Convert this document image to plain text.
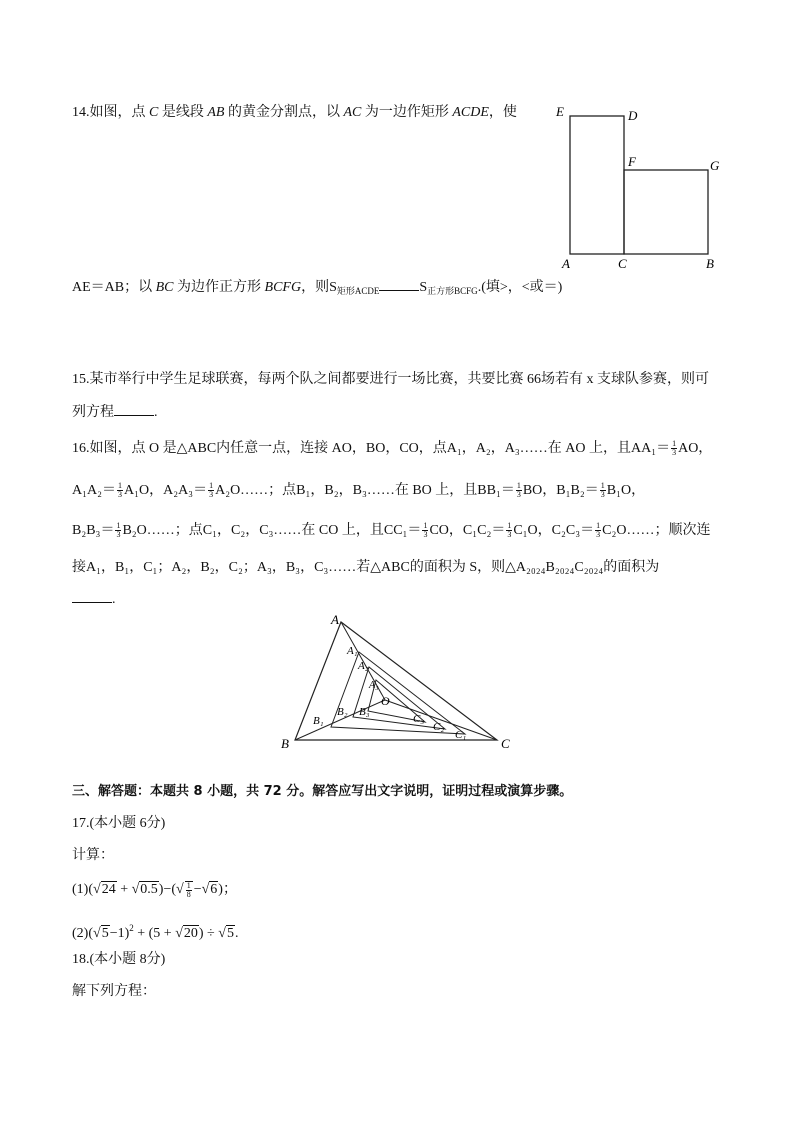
14.如图，点 C 是线段 AB 的黄金分割点，以 AC 为一边作矩形 ACDE，使	E	D
F	G
A	C	B
AE＝AB；以 BC 为边作正方形 BCFG，则$S_{矩形ACDE}$	$S_{正方形BCFG}$.(填>，<或＝)
15.某市举行中学生足球联赛，每两个队之间都要进行一场比赛，共要比赛 66场若有 x 支球队参赛，则可
列方程	.
16.如图，点 O 是△ABC内任意一点，连接 AO，BO，CO，点A₁，A₂，A₃……在 AO 上，且$AA_1= \frac{1}{3}$ AO，
$A_1A_2= \frac{1}{3} A_1O$，$A_2A_3= \frac{1}{3}$ A₂O……；点B₁，B₂，B₃……在 BO 上，且$BB_1= \frac{1}{3}$ BO，$B_1B_2= \frac{1}{3} B_1O$，
$B_2B_3= \frac{1}{3}$ B₂O……；点C₁，C₂，C₃……在 CO 上，且$CC_1= \frac{1}{3}$ CO，$C_1C_2= \frac{1}{3} C_1O$，$C_2C_3= \frac{1}{3}$ C₂O……；顺次连
接A₁，B₁，C₁；A₂，B₂，C₂；A₃，B₃，C₃……若△ABC的面积为 S，则△A₂₀₂₄B₂₀₂₄C₂₀₂₄的面积为
.
A
A₁
A₂
A₃
O
B₁
B₂ B₃
C₃
C₂
C₁
B	C
三、解答题：本题共 8 小题，共 72 分。解答应写出文字说明，证明过程或演算步骤。
17.(本小题 6分)
计算：
$(1)(√24 + √0.5)-(√ \frac{1}{8} -√6)$；
$(2)(√5-1)^2 + (5 + √20) \div √5$.
18.(本小题 8分)
解下列方程：
